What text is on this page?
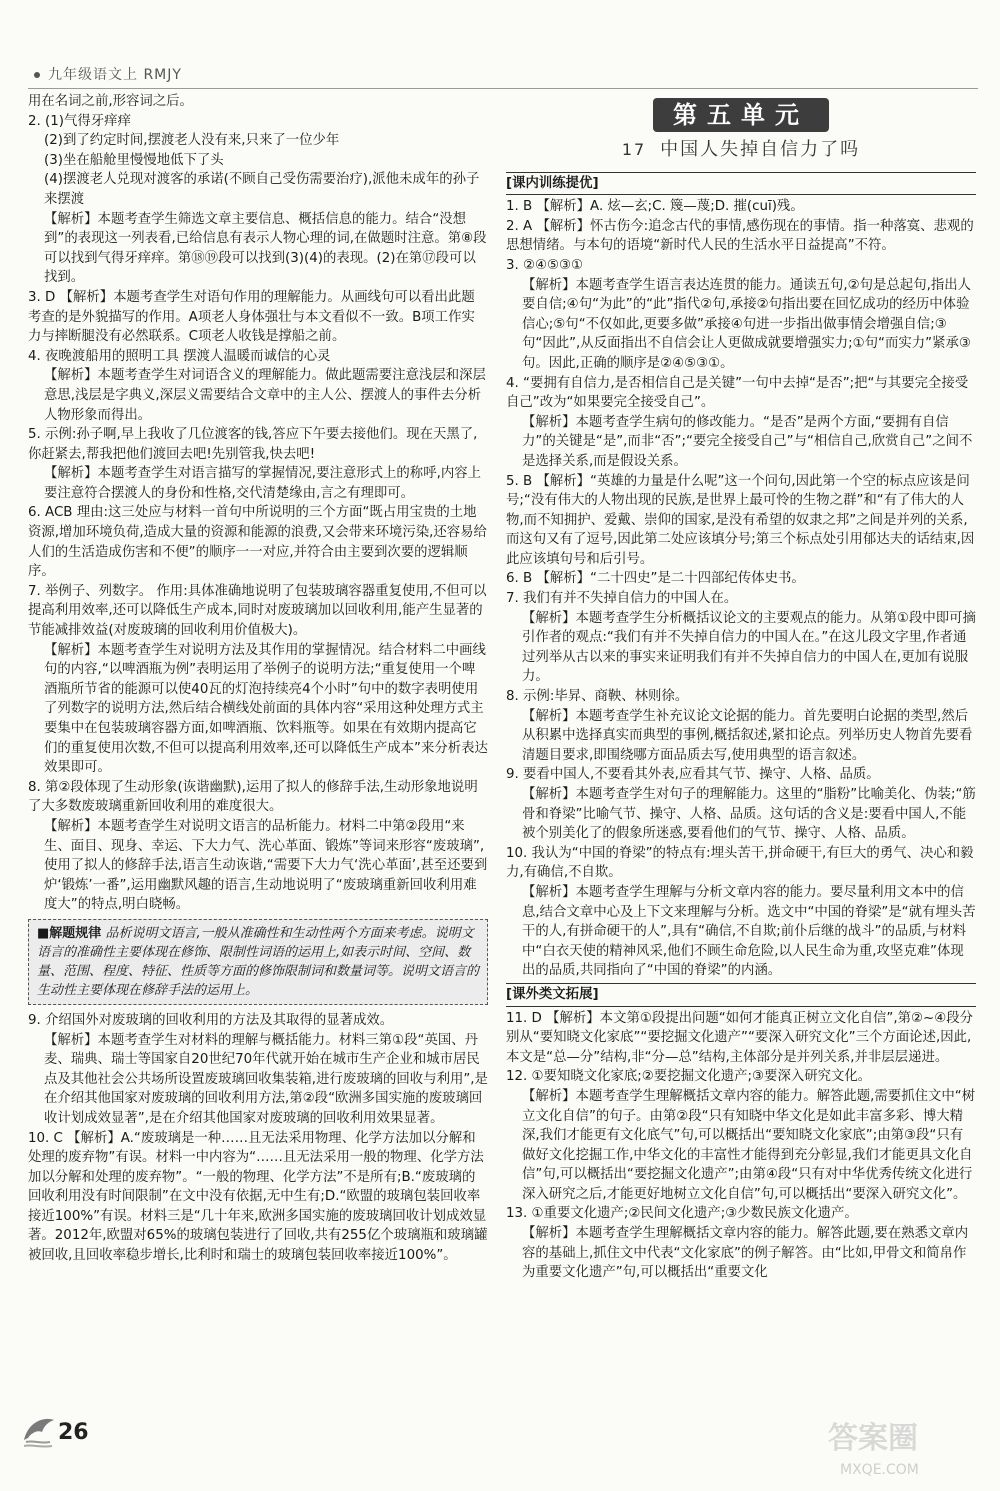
九年级语文上 RMJY

用在名词之前,形容词之后。

2. (1)气得牙痒痒

(2)到了约定时间,摆渡老人没有来,只来了一位少年

(3)坐在船舱里慢慢地低下了头

(4)摆渡老人兑现对渡客的承诺(不顾自己受伤需要治疗),派他未成年的孙子来摆渡

【解析】本题考查学生筛选文章主要信息、概括信息的能力。结合“没想到”的表现这一列表看,已给信息有表示人物心理的词,在做题时注意。第⑧段可以找到气得牙痒痒。第⑱⑲段可以找到(3)(4)的表现。(2)在第⑰段可以找到。

3. D 【解析】本题考查学生对语句作用的理解能力。从画线句可以看出此题考查的是外貌描写的作用。A项老人身体强壮与本文看似不一致。B项工作实力与摔断腿没有必然联系。C项老人收钱是撑船之前。

4. 夜晚渡船用的照明工具 摆渡人温暖而诚信的心灵

【解析】本题考查学生对词语含义的理解能力。做此题需要注意浅层和深层意思,浅层是字典义,深层义需要结合文章中的主人公、摆渡人的事件去分析人物形象而得出。

5. 示例:孙子啊,早上我收了几位渡客的钱,答应下午要去接他们。现在天黑了,你赶紧去,帮我把他们渡回去吧!先别管我,快去吧!

【解析】本题考查学生对语言描写的掌握情况,要注意形式上的称呼,内容上要注意符合摆渡人的身份和性格,交代清楚缘由,言之有理即可。

6. ACB 理由:这三处应与材料一首句中所说明的三个方面“既占用宝贵的土地资源,增加环境负荷,造成大量的资源和能源的浪费,又会带来环境污染,还容易给人们的生活造成伤害和不便”的顺序一一对应,并符合由主要到次要的逻辑顺序。

7. 举例子、列数字。 作用:具体准确地说明了包装玻璃容器重复使用,不但可以提高利用效率,还可以降低生产成本,同时对废玻璃加以回收利用,能产生显著的节能减排效益(对废玻璃的回收利用价值极大)。

【解析】本题考查学生对说明方法及其作用的掌握情况。结合材料二中画线句的内容,“以啤酒瓶为例”表明运用了举例子的说明方法;“重复使用一个啤酒瓶所节省的能源可以使40瓦的灯泡持续亮4个小时”句中的数字表明使用了列数字的说明方法,然后结合横线处前面的具体内容“采用这种处理方式主要集中在包装玻璃容器方面,如啤酒瓶、饮料瓶等。如果在有效期内提高它们的重复使用次数,不但可以提高利用效率,还可以降低生产成本”来分析表达效果即可。

8. 第②段体现了生动形象(诙谐幽默),运用了拟人的修辞手法,生动形象地说明了大多数废玻璃重新回收利用的难度很大。

【解析】本题考查学生对说明文语言的品析能力。材料二中第②段用“来生、面目、现身、幸运、下大力气、洗心革面、锻炼”等词来形容“废玻璃”,使用了拟人的修辞手法,语言生动诙谐,“需要下大力气‘洗心革面’,甚至还要到炉‘锻炼’一番”,运用幽默风趣的语言,生动地说明了“废玻璃重新回收利用难度大”的特点,明白晓畅。

■解题规律 品析说明文语言,一般从准确性和生动性两个方面来考虑。说明文语言的准确性主要体现在修饰、限制性词语的运用上,如表示时间、空间、数量、范围、程度、特征、性质等方面的修饰限制词和数量词等。说明文语言的生动性主要体现在修辞手法的运用上。

9. 介绍国外对废玻璃的回收利用的方法及其取得的显著成效。

【解析】本题考查学生对材料的理解与概括能力。材料三第①段“英国、丹麦、瑞典、瑞士等国家自20世纪70年代就开始在城市生产企业和城市居民点及其他社会公共场所设置废玻璃回收集装箱,进行废玻璃的回收与利用”,是在介绍其他国家对废玻璃的回收利用方法,第②段“欧洲多国实施的废玻璃回收计划成效显著”,是在介绍其他国家对废玻璃的回收利用效果显著。

10. C 【解析】A.“废玻璃是一种……且无法采用物理、化学方法加以分解和处理的废弃物”有误。材料一中内容为“……且无法采用一般的物理、化学方法加以分解和处理的废弃物”。“一般的物理、化学方法”不是所有;B.“废玻璃的回收利用没有时间限制”在文中没有依据,无中生有;D.“欧盟的玻璃包装回收率接近100%”有误。材料三是“几十年来,欧洲多国实施的废玻璃回收计划成效显著。2012年,欧盟对65%的玻璃包装进行了回收,共有255亿个玻璃瓶和玻璃罐被回收,且回收率稳步增长,比利时和瑞士的玻璃包装回收率接近100%”。

第五单元
17 中国人失掉自信力了吗
[课内训练提优]

1. B 【解析】A. 炫—玄;C. 篾—蔑;D. 摧(cuī)残。

2. A 【解析】怀古伤今:追念古代的事情,感伤现在的事情。指一种落寞、悲观的思想情绪。与本句的语境“新时代人民的生活水平日益提高”不符。

3. ②④⑤③①

【解析】本题考查学生语言表达连贯的能力。通读五句,②句是总起句,指出人要自信;④句“为此”的“此”指代②句,承接②句指出要在回忆成功的经历中体验信心;⑤句“不仅如此,更要多做”承接④句进一步指出做事情会增强自信;③句“因此”,从反面指出不自信会让人更做成就要增强实力;①句“而实力”紧承③句。因此,正确的顺序是②④⑤③①。

4. “要拥有自信力,是否相信自己是关键”一句中去掉“是否”;把“与其要完全接受自己”改为“如果要完全接受自己”。

【解析】本题考查学生病句的修改能力。“是否”是两个方面,“要拥有自信力”的关键是“是”,而非“否”;“要完全接受自己”与“相信自己,欣赏自己”之间不是选择关系,而是假设关系。

5. B 【解析】“英雄的力量是什么呢”这一个问句,因此第一个空的标点应该是问号;“没有伟大的人物出现的民族,是世界上最可怜的生物之群”和“有了伟大的人物,而不知拥护、爱戴、崇仰的国家,是没有希望的奴隶之邦”之间是并列的关系,而这句又有了逗号,因此第二处应该填分号;第三个标点处引用郁达夫的话结束,因此应该填句号和后引号。

6. B 【解析】“二十四史”是二十四部纪传体史书。

7. 我们有并不失掉自信力的中国人在。

【解析】本题考查学生分析概括议论文的主要观点的能力。从第①段中即可摘引作者的观点:“我们有并不失掉自信力的中国人在。”在这儿段文字里,作者通过列举从古以来的事实来证明我们有并不失掉自信力的中国人在,更加有说服力。

8. 示例:毕昇、商鞅、林则徐。

【解析】本题考查学生补充议论文论据的能力。首先要明白论据的类型,然后从积累中选择真实而典型的事例,概括叙述,紧扣论点。列举历史人物首先要看清题目要求,即围绕哪方面品质去写,使用典型的语言叙述。

9. 要看中国人,不要看其外表,应看其气节、操守、人格、品质。

【解析】本题考查学生对句子的理解能力。这里的“脂粉”比喻美化、伪装;“筋骨和脊梁”比喻气节、操守、人格、品质。这句话的含义是:要看中国人,不能被个别美化了的假象所迷惑,要看他们的气节、操守、人格、品质。

10. 我认为“中国的脊梁”的特点有:埋头苦干,拼命硬干,有巨大的勇气、决心和毅力,有确信,不自欺。

【解析】本题考查学生理解与分析文章内容的能力。要尽量利用文本中的信息,结合文章中心及上下文来理解与分析。选文中“中国的脊梁”是“就有埋头苦干的人,有拼命硬干的人”,具有“确信,不自欺;前仆后继的战斗”的品质,与材料中“白衣天使的精神风采,他们不顾生命危险,以人民生命为重,攻坚克难”体现出的品质,共同指向了“中国的脊梁”的内涵。

[课外类文拓展]

11. D 【解析】本文第①段提出问题“如何才能真正树立文化自信”,第②~④段分别从“要知晓文化家底”“要挖掘文化遗产”“要深入研究文化”三个方面论述,因此,本文是“总—分”结构,非“分—总”结构,主体部分是并列关系,并非层层递进。

12. ①要知晓文化家底;②要挖掘文化遗产;③要深入研究文化。

【解析】本题考查学生理解概括文章内容的能力。解答此题,需要抓住文中“树立文化自信”的句子。由第②段“只有知晓中华文化是如此丰富多彩、博大精深,我们才能更有文化底气”句,可以概括出“要知晓文化家底”;由第③段“只有做好文化挖掘工作,中华文化的丰富性才能得到充分彰显,我们才能更具文化自信”句,可以概括出“要挖掘文化遗产”;由第④段“只有对中华优秀传统文化进行深入研究之后,才能更好地树立文化自信”句,可以概括出“要深入研究文化”。

13. ①重要文化遗产;②民间文化遗产;③少数民族文化遗产。

【解析】本题考查学生理解概括文章内容的能力。解答此题,要在熟悉文章内容的基础上,抓住文中代表“文化家底”的例子解答。由“比如,甲骨文和简帛作为重要文化遗产”句,可以概括出“重要文化

26	答案圈
MXQE.COM
